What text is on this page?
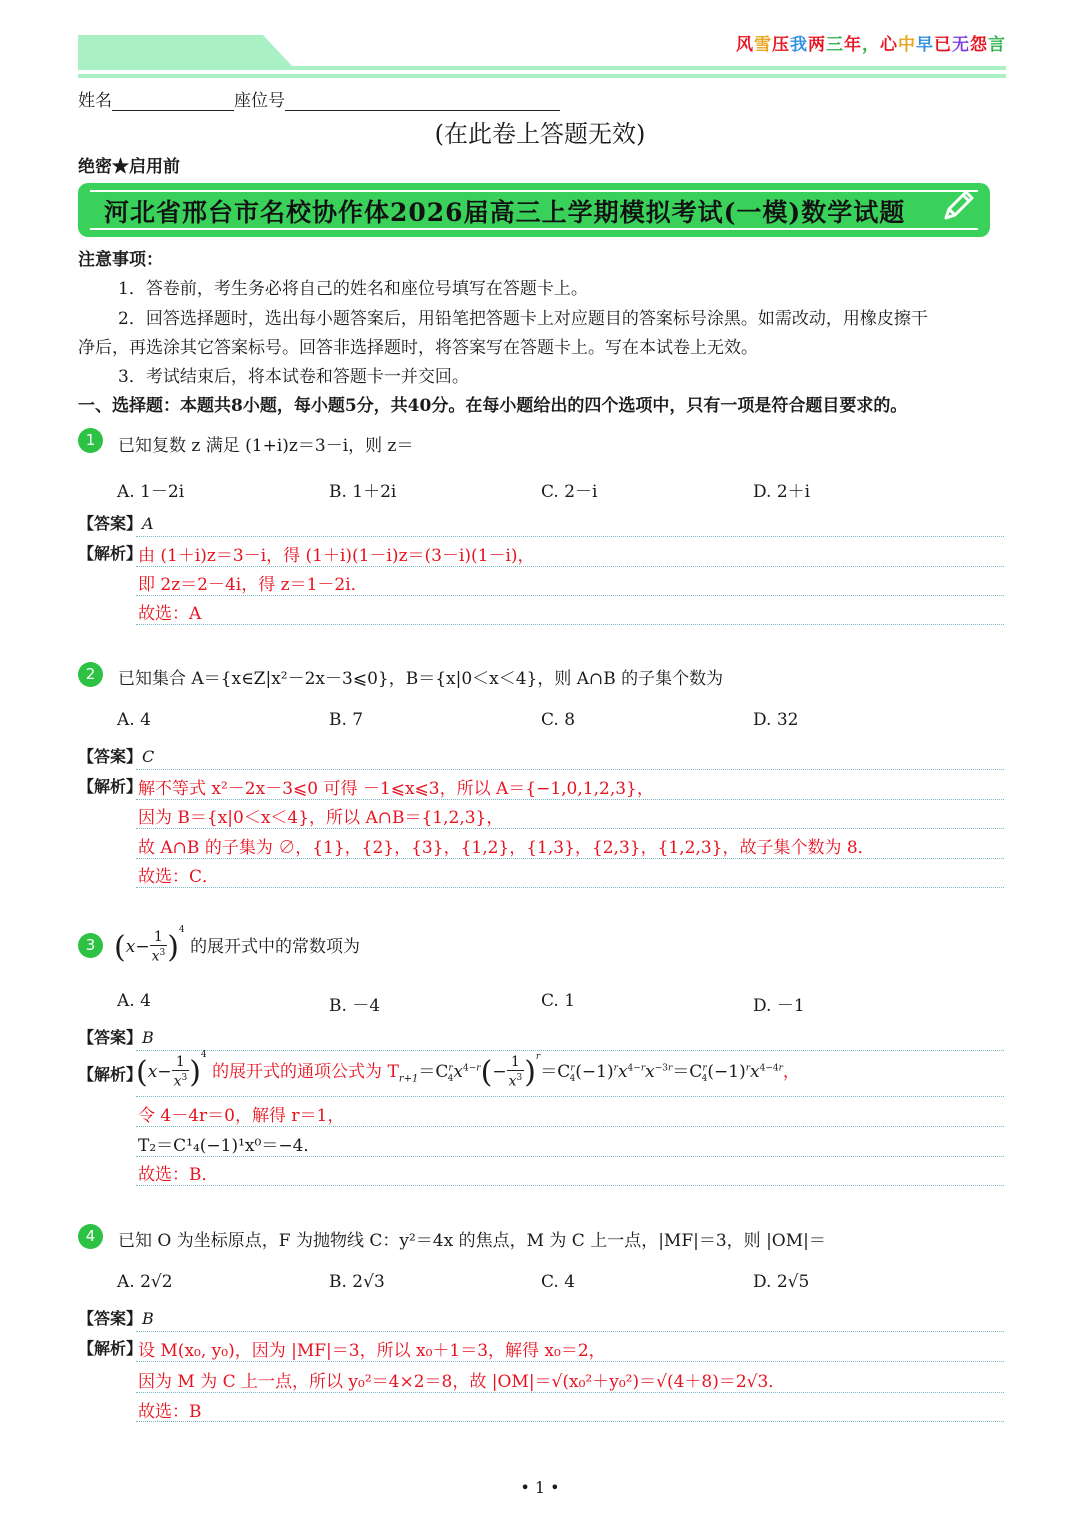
风雪压我两三年，心中早已无怨言
姓名	座位号
(在此卷上答题无效)
绝密★启用前
河北省邢台市名校协作体2026届高三上学期模拟考试(一模)数学试题
注意事项：
1．答卷前，考生务必将自己的姓名和座位号填写在答题卡上。
2．回答选择题时，选出每小题答案后，用铅笔把答题卡上对应题目的答案标号涂黑。如需改动，用橡皮擦干
净后，再选涂其它答案标号。回答非选择题时，将答案写在答题卡上。写在本试卷上无效。
3．考试结束后，将本试卷和答题卡一并交回。
一、选择题：本题共8小题，每小题5分，共40分。在每小题给出的四个选项中，只有一项是符合题目要求的。
1	已知复数 z 满足 (1+i)z＝3－i，则 z＝
A. 1－2i	B. 1＋2i	C. 2－i	D. 2＋i
【答案】A
【解析】
由 (1＋i)z＝3－i，得 (1＋i)(1－i)z＝(3－i)(1－i)，
即 2z＝2－4i，得 z＝1－2i．
故选：A
2	已知集合 A＝{x∈Z|x²－2x－3⩽0}，B＝{x|0＜x＜4}，则 A∩B 的子集个数为
A. 4	B. 7	C. 8	D. 32
【答案】C
【解析】
解不等式 x²－2x－3⩽0 可得 －1⩽x⩽3，所以 A＝{−1,0,1,2,3}，
因为 B＝{x|0＜x＜4}，所以 A∩B＝{1,2,3}，
故 A∩B 的子集为 ∅，{1}，{2}，{3}，{1,2}，{1,3}，{2,3}，{1,2,3}，故子集个数为 8．
故选：C．
3 $(x- \frac{1}{x^3} )^4$ 的展开式中的常数项为
A. 4	B. －4	C. 1	D. －1
【答案】B
【解析】
$(x- \frac{1}{x^3} )^4$ 的展开式的通项公式为 $T_{r+1}=C^r_4x^{4-r}(- \frac{1}{x^3} )^r=C^r_4(-1)^rx^{4-r}x^{-3r}=C^r_4(-1)^rx^{4-4r}$，
令 4－4r＝0，解得 r＝1，
T₂＝C¹₄(−1)¹x⁰＝−4．
故选：B．
4	已知 O 为坐标原点，F 为抛物线 C：y²＝4x 的焦点，M 为 C 上一点，|MF|＝3，则 |OM|＝
A. 2√2	B. 2√3	C. 4	D. 2√5
【答案】B
【解析】
设 M(x₀, y₀)，因为 |MF|＝3，所以 x₀＋1＝3，解得 x₀＝2，
因为 M 为 C 上一点，所以 y₀²＝4×2＝8，故 |OM|＝√(x₀²＋y₀²)＝√(4＋8)＝2√3．
故选：B
• 1 •
